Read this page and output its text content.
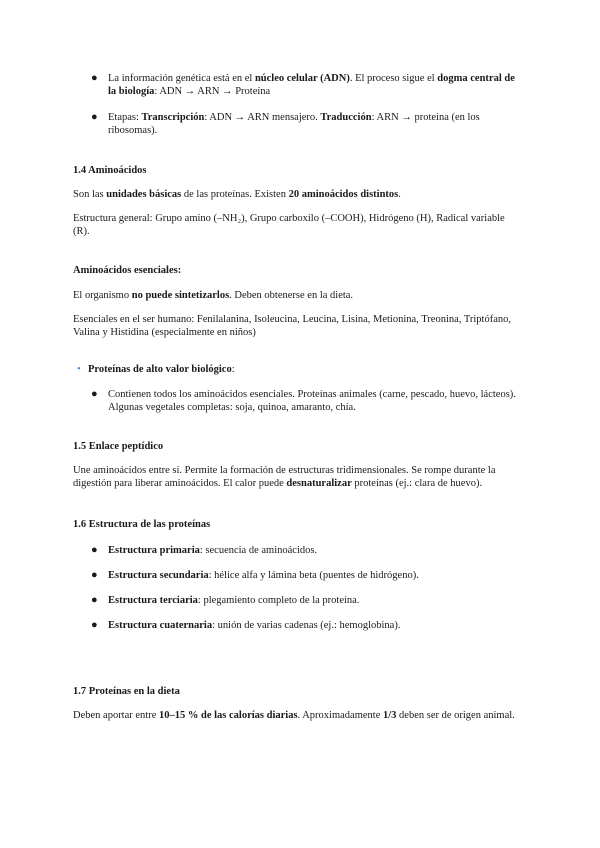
● La información genética está en el núcleo celular (ADN). El proceso sigue el dogma central de la biología: ADN → ARN → Proteína
● Etapas: Transcripción: ADN → ARN mensajero. Traducción: ARN → proteína (en los ribosomas).
1.4 Aminoácidos
Son las unidades básicas de las proteínas. Existen 20 aminoácidos distintos.
Estructura general: Grupo amino (–NH₂), Grupo carboxilo (–COOH), Hidrógeno (H), Radical variable (R).
Aminoácidos esenciales:
El organismo no puede sintetizarlos. Deben obtenerse en la dieta.
Esenciales en el ser humano: Fenilalanina, Isoleucina, Leucina, Lisina, Metionina, Treonina, Triptófano, Valina y Histidina (especialmente en niños)
• Proteínas de alto valor biológico:
● Contienen todos los aminoácidos esenciales. Proteínas animales (carne, pescado, huevo, lácteos). Algunas vegetales completas: soja, quinoa, amaranto, chía.
1.5 Enlace peptídico
Une aminoácidos entre sí. Permite la formación de estructuras tridimensionales. Se rompe durante la digestión para liberar aminoácidos. El calor puede desnaturalizar proteínas (ej.: clara de huevo).
1.6 Estructura de las proteínas
● Estructura primaria: secuencia de aminoácidos.
● Estructura secundaria: hélice alfa y lámina beta (puentes de hidrógeno).
● Estructura terciaria: plegamiento completo de la proteína.
● Estructura cuaternaria: unión de varias cadenas (ej.: hemoglobina).
1.7 Proteínas en la dieta
Deben aportar entre 10–15 % de las calorías diarias. Aproximadamente 1/3 deben ser de origen animal.
